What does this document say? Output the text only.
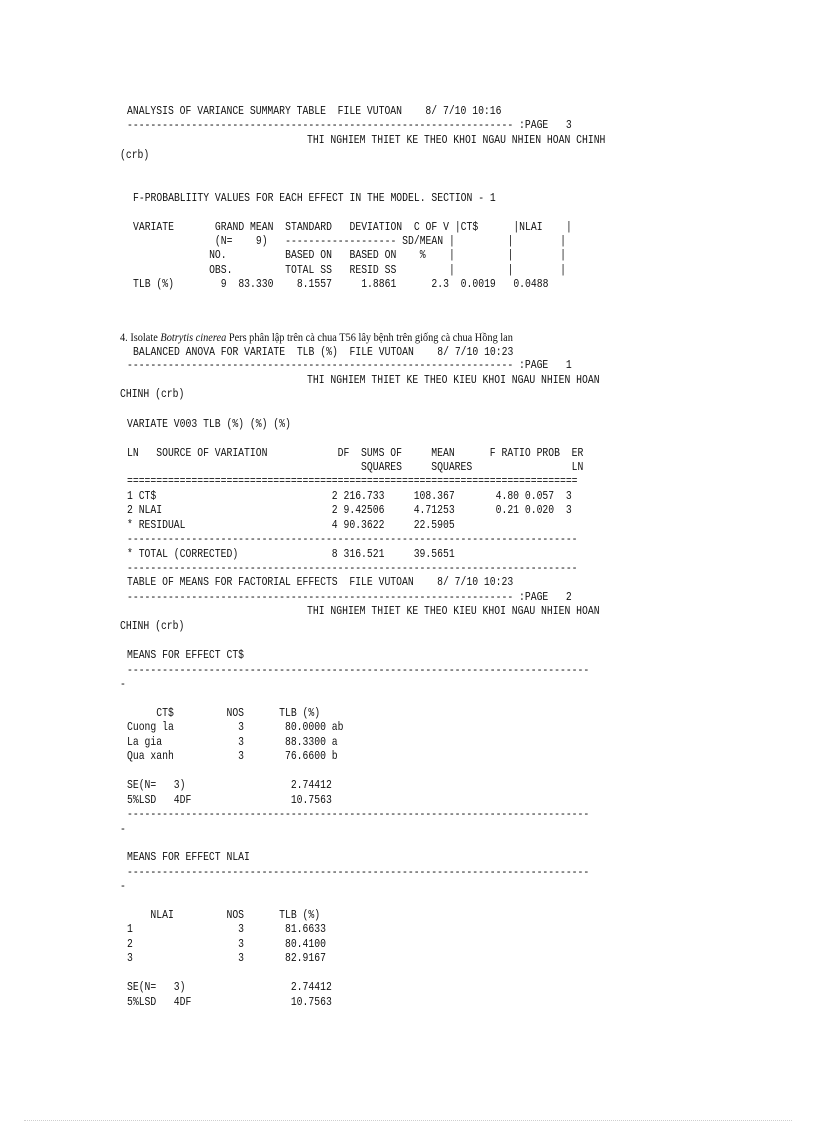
ANALYSIS OF VARIANCE SUMMARY TABLE  FILE VUTOAN    8/ 7/10 10:16
------------------------------------------------------------------ :PAGE   3
THI NGHIEM THIET KE THEO KHOI NGAU NHIEN HOAN CHINH
(crb)
F-PROBABLIITY VALUES FOR EACH EFFECT IN THE MODEL. SECTION - 1
VARIATE       GRAND MEAN  STANDARD   DEVIATION  C OF V |CT$      |NLAI    |
(N=    9)   ------------------- SD/MEAN |         |        |
NO.          BASED ON   BASED ON    %    |         |        |
OBS.         TOTAL SS   RESID SS         |         |        |
TLB (%)        9  83.330    8.1557     1.8861      2.3  0.0019   0.0488
4. Isolate Botrytis cinerea Pers phân lập trên cà chua T56 lây bệnh trên giống cà chua Hồng lan
BALANCED ANOVA FOR VARIATE  TLB (%)  FILE VUTOAN    8/ 7/10 10:23
------------------------------------------------------------------ :PAGE   1
THI NGHIEM THIET KE THEO KIEU KHOI NGAU NHIEN HOAN
CHINH (crb)
VARIATE V003 TLB (%) (%) (%)
LN   SOURCE OF VARIATION            DF  SUMS OF     MEAN      F RATIO PROB  ER
SQUARES     SQUARES                 LN
=============================================================================
1 CT$                              2 216.733     108.367       4.80 0.057  3
2 NLAI                             2 9.42506     4.71253       0.21 0.020  3
* RESIDUAL                         4 90.3622     22.5905
-----------------------------------------------------------------------------
* TOTAL (CORRECTED)                8 316.521     39.5651
-----------------------------------------------------------------------------
TABLE OF MEANS FOR FACTORIAL EFFECTS  FILE VUTOAN    8/ 7/10 10:23
------------------------------------------------------------------ :PAGE   2
THI NGHIEM THIET KE THEO KIEU KHOI NGAU NHIEN HOAN
CHINH (crb)
MEANS FOR EFFECT CT$
-------------------------------------------------------------------------------
-
CT$         NOS      TLB (%)
Cuong la           3       80.0000 ab
La gia             3       88.3300 a
Qua xanh           3       76.6600 b
SE(N=   3)                  2.74412
5%LSD   4DF                 10.7563
-------------------------------------------------------------------------------
-
MEANS FOR EFFECT NLAI
-------------------------------------------------------------------------------
-
NLAI         NOS      TLB (%)
1                  3       81.6633
2                  3       80.4100
3                  3       82.9167
SE(N=   3)                  2.74412
5%LSD   4DF                 10.7563
